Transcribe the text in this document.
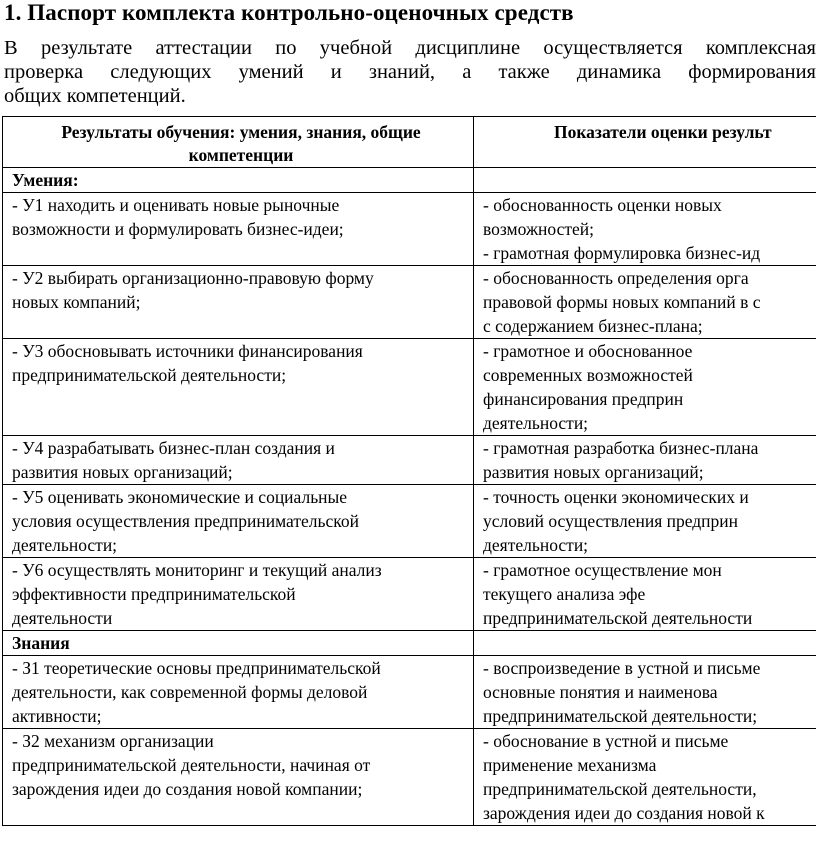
1. Паспорт комплекта контрольно-оценочных средств

В результате аттестации по учебной дисциплине осуществляется комплексная
проверка следующих умений и знаний, а также динамика формирования
общих компетенций.

Результаты обучения: умения, знания, общие компетенции	Показатели оценки результ
Умения:	

- У1 находить и оценивать новые рыночные
возможности и формулировать бизнес-идеи;	- обоснованность оценки новых
возможностей;
- грамотная формулировка бизнес-ид

- У2 выбирать организационно-правовую форму
новых компаний;	- обоснованность определения орга
правовой формы новых компаний в с
с содержанием бизнес-плана;

- У3 обосновывать источники финансирования
предпринимательской деятельности;	- грамотное и обоснованное
современных возможностей
финансирования предприн
деятельности;

- У4 разрабатывать бизнес-план создания и
развития новых организаций;	- грамотная разработка бизнес-плана
развития новых организаций;

- У5 оценивать экономические и социальные
условия осуществления предпринимательской
деятельности;	- точность оценки экономических и
условий осуществления предприн
деятельности;

- У6 осуществлять мониторинг и текущий анализ
эффективности предпринимательской
деятельности	- грамотное осуществление мон
текущего анализа эфе
предпринимательской деятельности

Знания	

- З1 теоретические основы предпринимательской
деятельности, как современной формы деловой
активности;	- воспроизведение в устной и письме
основные понятия и наименова
предпринимательской деятельности;

- З2 механизм организации
предпринимательской деятельности, начиная от
зарождения идеи до создания новой компании;	- обоснование в устной и письме
применение механизма
предпринимательской деятельности,
зарождения идеи до создания новой к
